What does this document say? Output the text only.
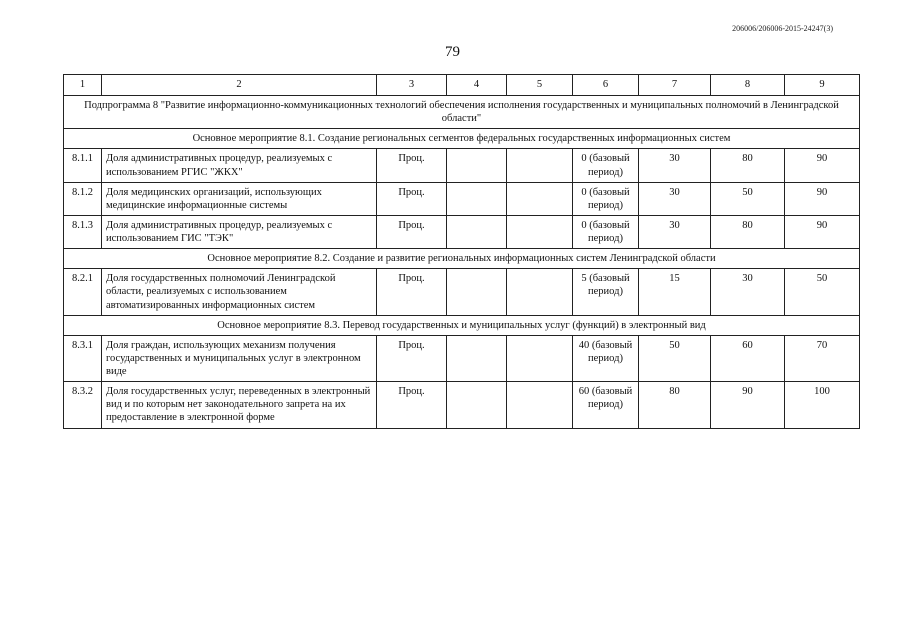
206006/206006-2015-24247(3)
79
1	2	3	4	5	6	7	8	9
Подпрограмма 8 "Развитие информационно-коммуникационных технологий обеспечения исполнения государственных и муниципальных полномочий в Ленинградской области"								
Основное мероприятие 8.1. Создание региональных сегментов федеральных государственных информационных систем								
8.1.1	Доля административных процедур, реализуемых с использованием РГИС "ЖКХ"	Проц.			0 (базовый период)	30	80	90
8.1.2	Доля медицинских организаций, использующих медицинские информационные системы	Проц.			0 (базовый период)	30	50	90
8.1.3	Доля административных процедур, реализуемых с использованием ГИС "ТЭК"	Проц.			0 (базовый период)	30	80	90
Основное мероприятие 8.2. Создание и развитие региональных информационных систем Ленинградской области								
8.2.1	Доля государственных полномочий Ленинградской области, реализуемых с использованием автоматизированных информационных систем	Проц.			5 (базовый период)	15	30	50
Основное мероприятие 8.3. Перевод государственных и муниципальных услуг (функций) в электронный вид								
8.3.1	Доля граждан, использующих механизм получения государственных и муниципальных услуг в электронном виде	Проц.			40 (базовый период)	50	60	70
8.3.2	Доля государственных услуг, переведенных в электронный вид и по которым нет законодательного запрета на их предоставление в электронной форме	Проц.			60 (базовый период)	80	90	100
